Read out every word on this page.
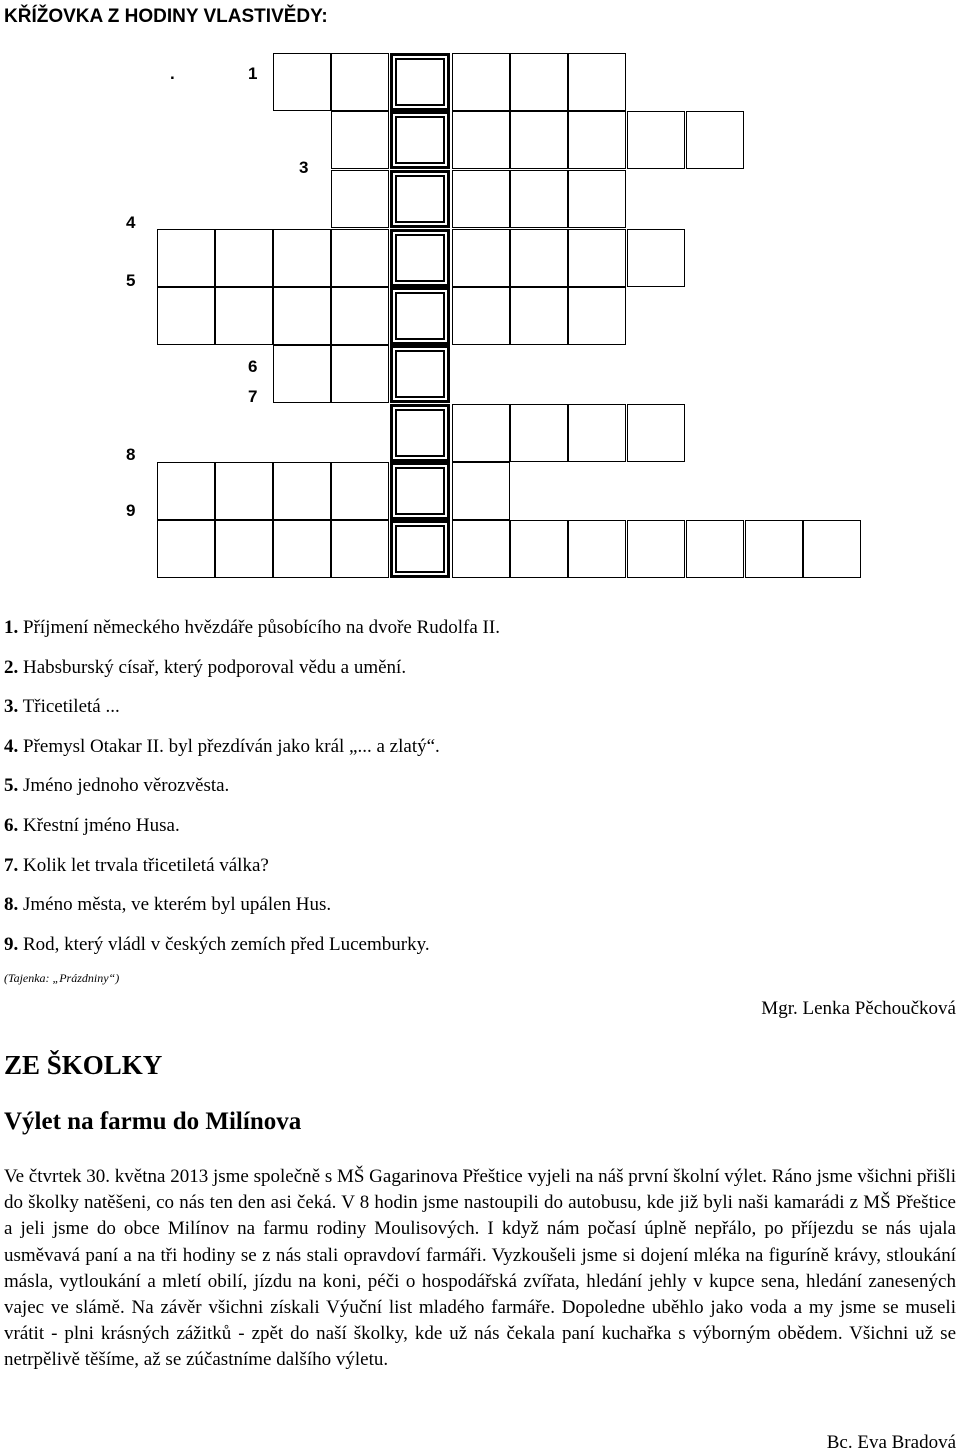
KŘÍŽOVKA Z HODINY VLASTIVĚDY:
.	1
3
4
5
6
7
8
9
1. Příjmení německého hvězdáře působícího na dvoře Rudolfa II.
2. Habsburský císař, který podporoval vědu a umění.
3. Třicetiletá ...
4. Přemysl Otakar II. byl přezdíván jako král „... a zlatý“.
5. Jméno jednoho věrozvěsta.
6. Křestní jméno Husa.
7. Kolik let trvala třicetiletá válka?
8. Jméno města, ve kterém byl upálen Hus.
9. Rod, který vládl v českých zemích před Lucemburky.
(Tajenka: „Prázdniny“)
Mgr. Lenka Pěchoučková
ZE ŠKOLKY
Výlet na farmu do Milínova

Ve čtvrtek 30. května 2013 jsme společně s MŠ Gagarinova Přeštice vyjeli na náš první školní výlet. Ráno jsme všichni přišli do školky natěšeni, co nás ten den asi čeká. V 8 hodin jsme nastoupili do autobusu, kde již byli naši kamarádi z MŠ Přeštice a jeli jsme do obce Milínov na farmu rodiny Moulisových. I když nám počasí úplně nepřálo, po příjezdu se nás ujala usměvavá paní a na tři hodiny se z nás stali opravdoví farmáři. Vyzkoušeli jsme si dojení mléka na figuríně krávy, stloukání másla, vytloukání a mletí obilí, jízdu na koni, péči o hospodářská zvířata, hledání jehly v kupce sena, hledání zanesených vajec ve slámě. Na závěr všichni získali Výuční list mladého farmáře. Dopoledne uběhlo jako voda a my jsme se museli vrátit - plni krásných zážitků - zpět do naší školky, kde už nás čekala paní kuchařka s výborným obědem. Všichni už se netrpělivě těšíme, až se zúčastníme dalšího výletu.

Bc. Eva Bradová
